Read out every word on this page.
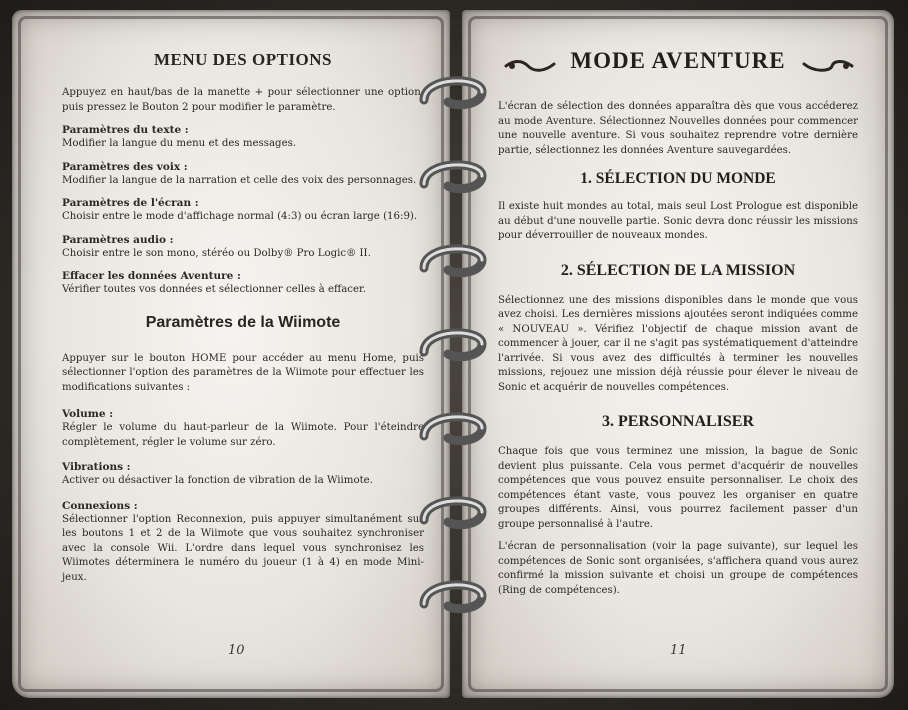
MENU DES OPTIONS

Appuyez en haut/bas de la manette + pour sélectionner une option, puis pressez le Bouton 2 pour modifier le paramètre.

Paramètres du texte :
Modifier la langue du menu et des messages.
Paramètres des voix :
Modifier la langue de la narration et celle des voix des personnages.
Paramètres de l'écran :
Choisir entre le mode d'affichage normal (4:3) ou écran large (16:9).
Paramètres audio :
Choisir entre le son mono, stéréo ou Dolby® Pro Logic® II.
Effacer les données Aventure :
Vérifier toutes vos données et sélectionner celles à effacer.
Paramètres de la Wiimote

Appuyer sur le bouton HOME pour accéder au menu Home, puis sélectionner l'option des paramètres de la Wiimote pour effectuer les modifications suivantes :

Volume :
Régler le volume du haut-parleur de la Wiimote. Pour l'éteindre complètement, régler le volume sur zéro.
Vibrations :
Activer ou désactiver la fonction de vibration de la Wiimote.
Connexions :
Sélectionner l'option Reconnexion, puis appuyer simultanément sur les boutons 1 et 2 de la Wiimote que vous souhaitez synchroniser avec la console Wii. L'ordre dans lequel vous synchronisez les Wiimotes déterminera le numéro du joueur (1 à 4) en mode Mini-jeux.
10
MODE AVENTURE

L'écran de sélection des données apparaîtra dès que vous accéderez au mode Aventure. Sélectionnez Nouvelles données pour commencer une nouvelle aventure. Si vous souhaitez reprendre votre dernière partie, sélectionnez les données Aventure sauvegardées.

1. SÉLECTION DU MONDE

Il existe huit mondes au total, mais seul Lost Prologue est disponible au début d'une nouvelle partie. Sonic devra donc réussir les missions pour déverrouiller de nouveaux mondes.

2. SÉLECTION DE LA MISSION

Sélectionnez une des missions disponibles dans le monde que vous avez choisi. Les dernières missions ajoutées seront indiquées comme « NOUVEAU ». Vérifiez l'objectif de chaque mission avant de commencer à jouer, car il ne s'agit pas systématiquement d'atteindre l'arrivée. Si vous avez des difficultés à terminer les nouvelles missions, rejouez une mission déjà réussie pour élever le niveau de Sonic et acquérir de nouvelles compétences.

3. PERSONNALISER

Chaque fois que vous terminez une mission, la bague de Sonic devient plus puissante. Cela vous permet d'acquérir de nouvelles compétences que vous pouvez ensuite personnaliser. Le choix des compétences étant vaste, vous pouvez les organiser en quatre groupes différents. Ainsi, vous pourrez facilement passer d'un groupe personnalisé à l'autre.

L'écran de personnalisation (voir la page suivante), sur lequel les compétences de Sonic sont organisées, s'affichera quand vous aurez confirmé la mission suivante et choisi un groupe de compétences (Ring de compétences).

11
